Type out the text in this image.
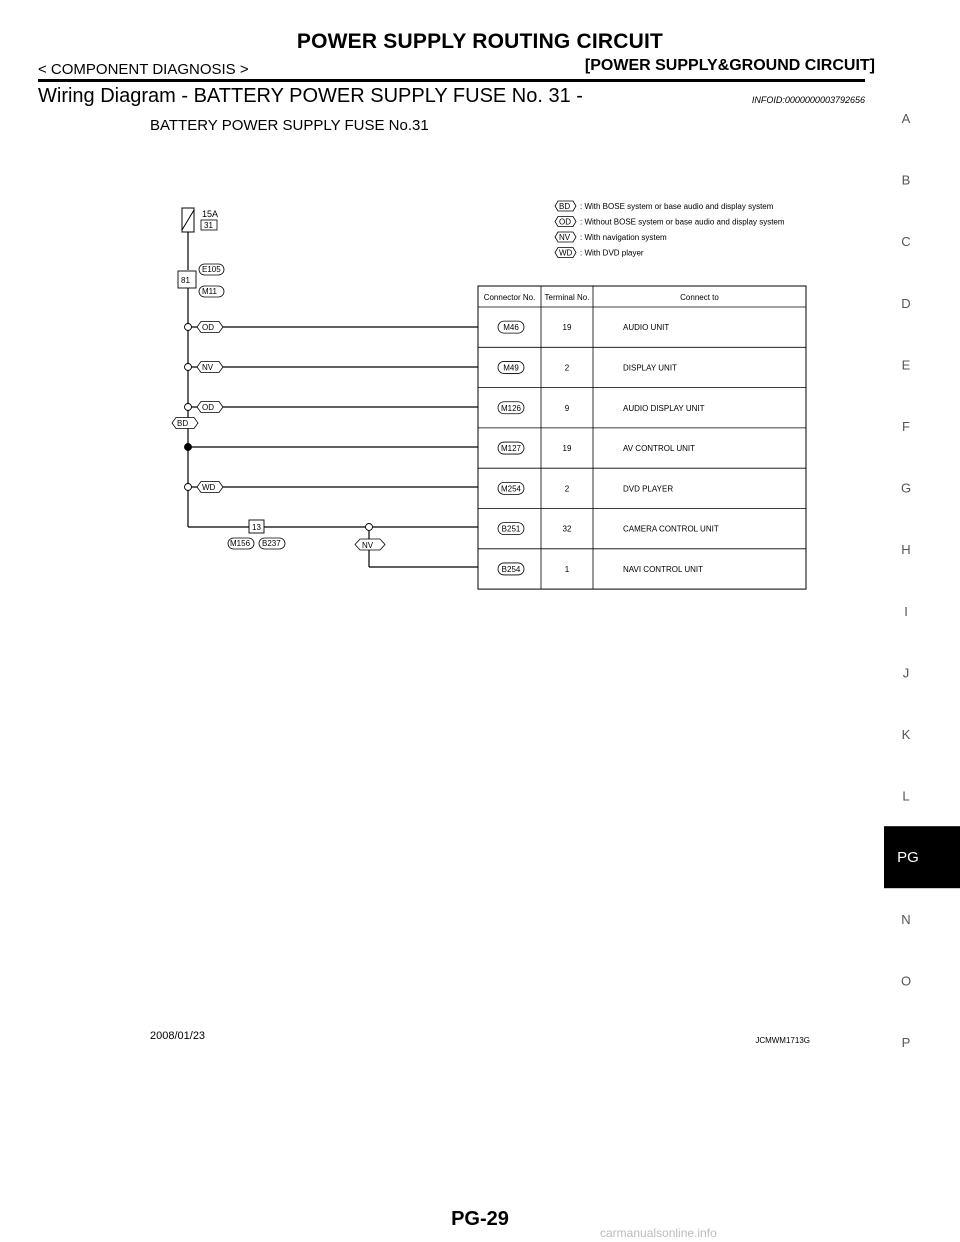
POWER SUPPLY ROUTING CIRCUIT
< COMPONENT DIAGNOSIS >	[POWER SUPPLY&GROUND CIRCUIT]
Wiring Diagram - BATTERY POWER SUPPLY FUSE No. 31 -	INFOID:0000000003792656
BATTERY POWER SUPPLY FUSE No.31
15A
31
81
E105
M11
BD : With BOSE system or base audio and display system
OD : Without BOSE system or base audio and display system
NV : With navigation system
WD : With DVD player
OD
NV
OD
BD
WD
13
M156 B237	NV
Connector No. Terminal No.	Connect to
M46	19	AUDIO UNIT
M49	2	DISPLAY UNIT
M126	9	AUDIO DISPLAY UNIT
M127	19	AV CONTROL UNIT
M254	2	DVD PLAYER
B251	32	CAMERA CONTROL UNIT
B254	1	NAVI CONTROL UNIT
A
B
C
D
E
F
G
H
I
J
K
L
PG
N
O
P
2008/01/23	JCMWM1713G
PG-29
carmanualsonline.info
